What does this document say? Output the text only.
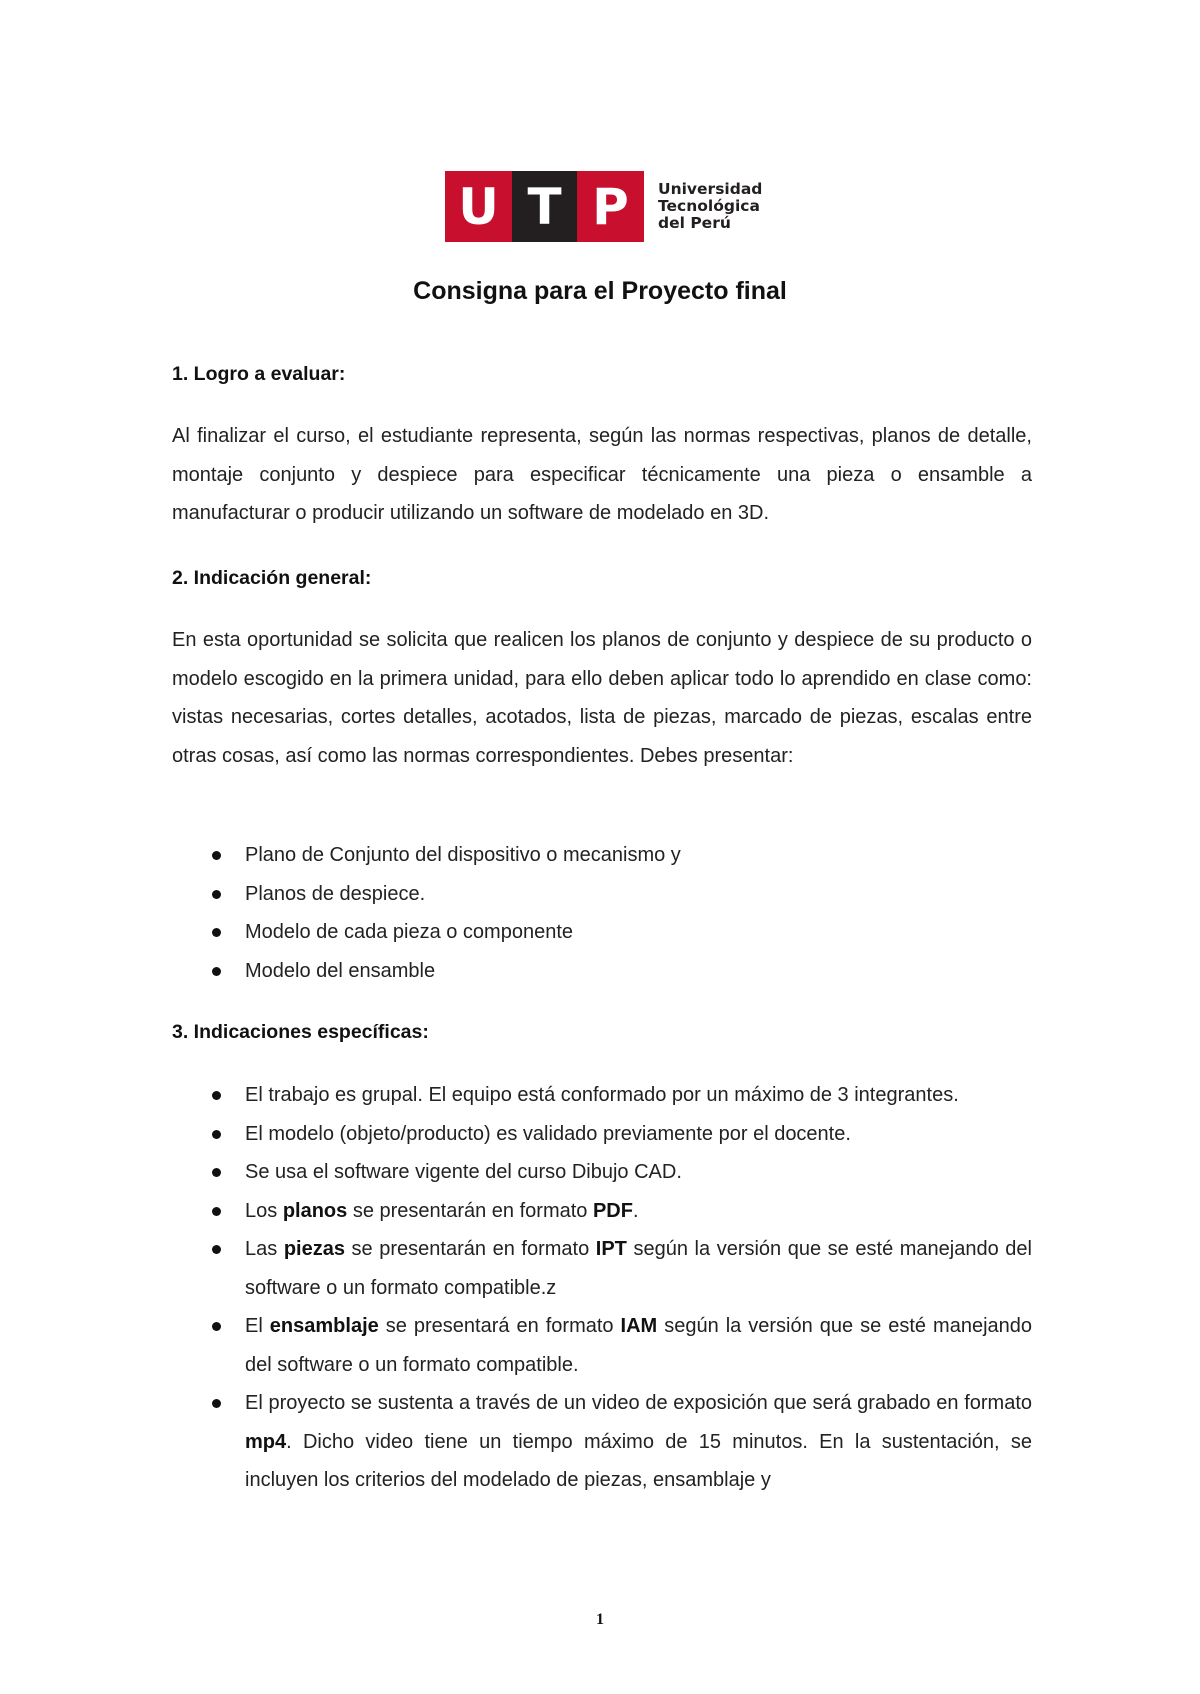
U T P	Universidad
Tecnológica
del Perú
Consigna para el Proyecto final
1. Logro a evaluar:
Al finalizar el curso, el estudiante representa, según las normas respectivas, planos de detalle, montaje conjunto y despiece para especificar técnicamente una pieza o ensamble a manufacturar o producir utilizando un software de modelado en 3D.
2. Indicación general:
En esta oportunidad se solicita que realicen los planos de conjunto y despiece de su producto o modelo escogido en la primera unidad, para ello deben aplicar todo lo aprendido en clase como: vistas necesarias, cortes detalles, acotados, lista de piezas, marcado de piezas, escalas entre otras cosas, así como las normas correspondientes. Debes presentar:
Plano de Conjunto del dispositivo o mecanismo y
Planos de despiece.
Modelo de cada pieza o componente
Modelo del ensamble
3. Indicaciones específicas:
El trabajo es grupal. El equipo está conformado por un máximo de 3 integrantes.
El modelo (objeto/producto) es validado previamente por el docente.
Se usa el software vigente del curso Dibujo CAD.
Los planos se presentarán en formato PDF.
Las piezas se presentarán en formato IPT según la versión que se esté manejando del software o un formato compatible.z
El ensamblaje se presentará en formato IAM según la versión que se esté manejando del software o un formato compatible.
El proyecto se sustenta a través de un video de exposición que será grabado en formato mp4. Dicho video tiene un tiempo máximo de 15 minutos. En la sustentación, se incluyen los criterios del modelado de piezas, ensamblaje y
1
